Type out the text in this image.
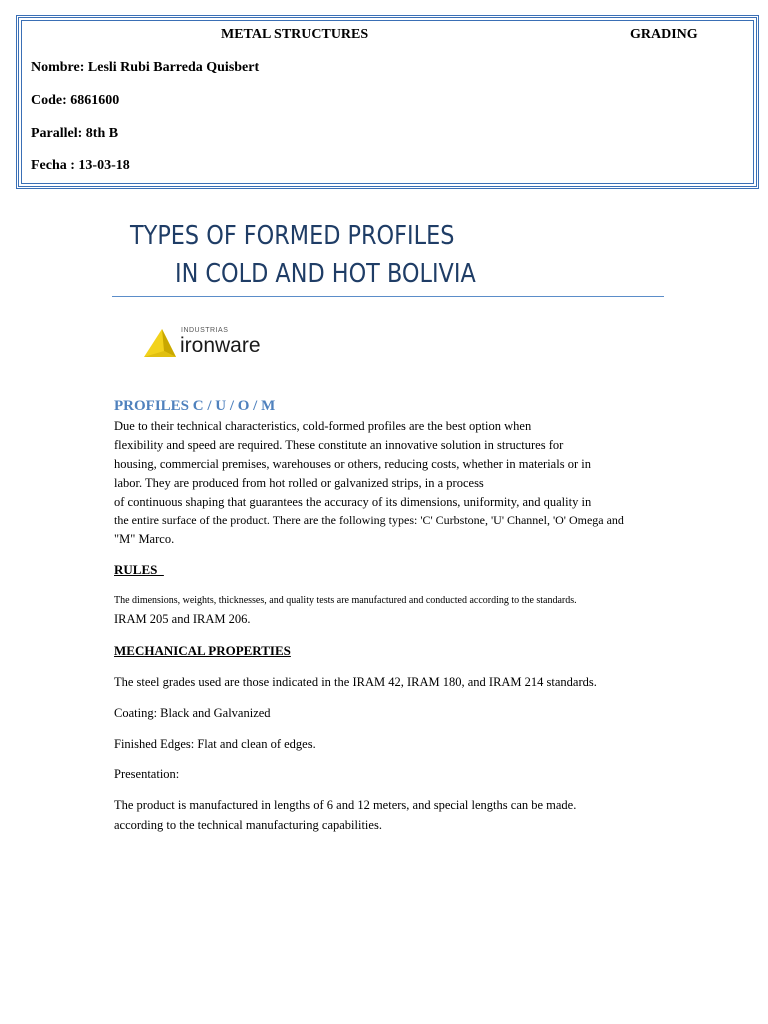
METAL STRUCTURES	GRADING
Nombre: Lesli Rubi Barreda Quisbert
Code: 6861600
Parallel: 8th B
Fecha : 13-03-18
TYPES OF FORMED PROFILES
IN COLD AND HOT BOLIVIA
INDUSTRIAS
ironware
PROFILES C / U / O / M
Due to their technical characteristics, cold-formed profiles are the best option when
flexibility and speed are required. These constitute an innovative solution in structures for
housing, commercial premises, warehouses or others, reducing costs, whether in materials or in
labor. They are produced from hot rolled or galvanized strips, in a process
of continuous shaping that guarantees the accuracy of its dimensions, uniformity, and quality in
the entire surface of the product. There are the following types: 'C' Curbstone, 'U' Channel, 'O' Omega and
"M" Marco.
RULES
The dimensions, weights, thicknesses, and quality tests are manufactured and conducted according to the standards.
IRAM 205 and IRAM 206.
MECHANICAL PROPERTIES
The steel grades used are those indicated in the IRAM 42, IRAM 180, and IRAM 214 standards.
Coating: Black and Galvanized
Finished Edges: Flat and clean of edges.
Presentation:
The product is manufactured in lengths of 6 and 12 meters, and special lengths can be made.
according to the technical manufacturing capabilities.
